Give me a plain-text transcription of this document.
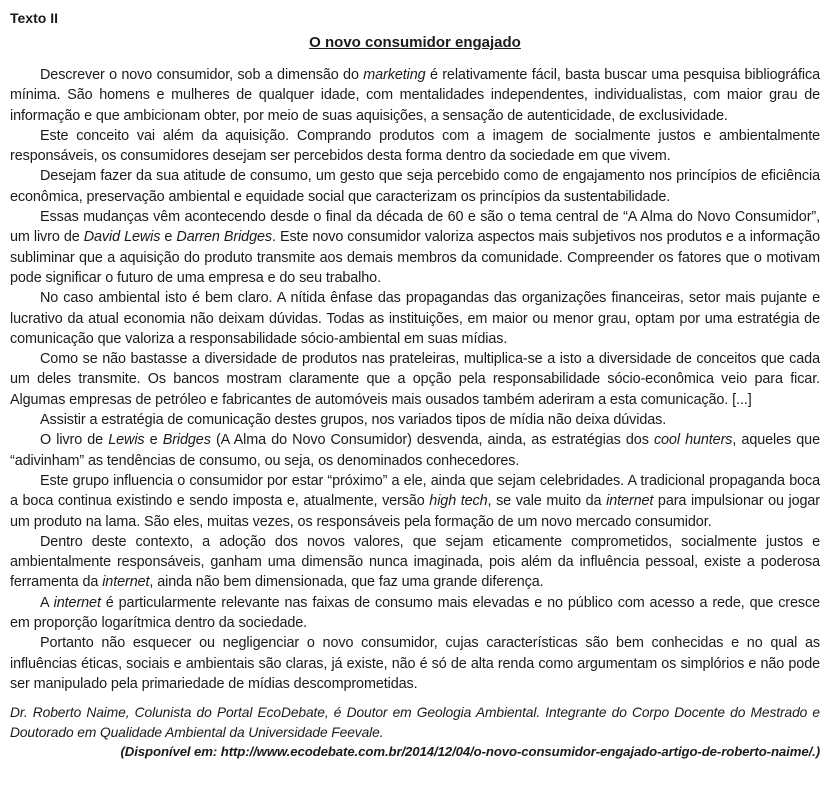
Texto II
O novo consumidor engajado

Descrever o novo consumidor, sob a dimensão do marketing é relativamente fácil, basta buscar uma pesquisa bibliográfica mínima. São homens e mulheres de qualquer idade, com mentalidades independentes, individualistas, com maior grau de informação e que ambicionam obter, por meio de suas aquisições, a sensação de autenticidade, de exclusividade.

Este conceito vai além da aquisição. Comprando produtos com a imagem de socialmente justos e ambientalmente responsáveis, os consumidores desejam ser percebidos desta forma dentro da sociedade em que vivem.

Desejam fazer da sua atitude de consumo, um gesto que seja percebido como de engajamento nos princípios de eficiência econômica, preservação ambiental e equidade social que caracterizam os princípios da sustentabilidade.

Essas mudanças vêm acontecendo desde o final da década de 60 e são o tema central de “A Alma do Novo Consumidor”, um livro de David Lewis e Darren Bridges. Este novo consumidor valoriza aspectos mais subjetivos nos produtos e a informação subliminar que a aquisição do produto transmite aos demais membros da comunidade. Compreender os fatores que o motivam pode significar o futuro de uma empresa e do seu trabalho.

No caso ambiental isto é bem claro. A nítida ênfase das propagandas das organizações financeiras, setor mais pujante e lucrativo da atual economia não deixam dúvidas. Todas as instituições, em maior ou menor grau, optam por uma estratégia de comunicação que valoriza a responsabilidade sócio-ambiental em suas mídias.

Como se não bastasse a diversidade de produtos nas prateleiras, multiplica-se a isto a diversidade de conceitos que cada um deles transmite. Os bancos mostram claramente que a opção pela responsabilidade sócio-econômica veio para ficar. Algumas empresas de petróleo e fabricantes de automóveis mais ousados também aderiram a esta comunicação. [...]

Assistir a estratégia de comunicação destes grupos, nos variados tipos de mídia não deixa dúvidas.

O livro de Lewis e Bridges (A Alma do Novo Consumidor) desvenda, ainda, as estratégias dos cool hunters, aqueles que “adivinham” as tendências de consumo, ou seja, os denominados conhecedores.

Este grupo influencia o consumidor por estar “próximo” a ele, ainda que sejam celebridades. A tradicional propaganda boca a boca continua existindo e sendo imposta e, atualmente, versão high tech, se vale muito da internet para impulsionar ou jogar um produto na lama. São eles, muitas vezes, os responsáveis pela formação de um novo mercado consumidor.

Dentro deste contexto, a adoção dos novos valores, que sejam eticamente comprometidos, socialmente justos e ambientalmente responsáveis, ganham uma dimensão nunca imaginada, pois além da influência pessoal, existe a poderosa ferramenta da internet, ainda não bem dimensionada, que faz uma grande diferença.

A internet é particularmente relevante nas faixas de consumo mais elevadas e no público com acesso a rede, que cresce em proporção logarítmica dentro da sociedade.

Portanto não esquecer ou negligenciar o novo consumidor, cujas características são bem conhecidas e no qual as influências éticas, sociais e ambientais são claras, já existe, não é só de alta renda como argumentam os simplórios e não pode ser manipulado pela primariedade de mídias descomprometidas.

Dr. Roberto Naime, Colunista do Portal EcoDebate, é Doutor em Geologia Ambiental. Integrante do Corpo Docente do Mestrado e Doutorado em Qualidade Ambiental da Universidade Feevale.

(Disponível em: http://www.ecodebate.com.br/2014/12/04/o-novo-consumidor-engajado-artigo-de-roberto-naime/.)
